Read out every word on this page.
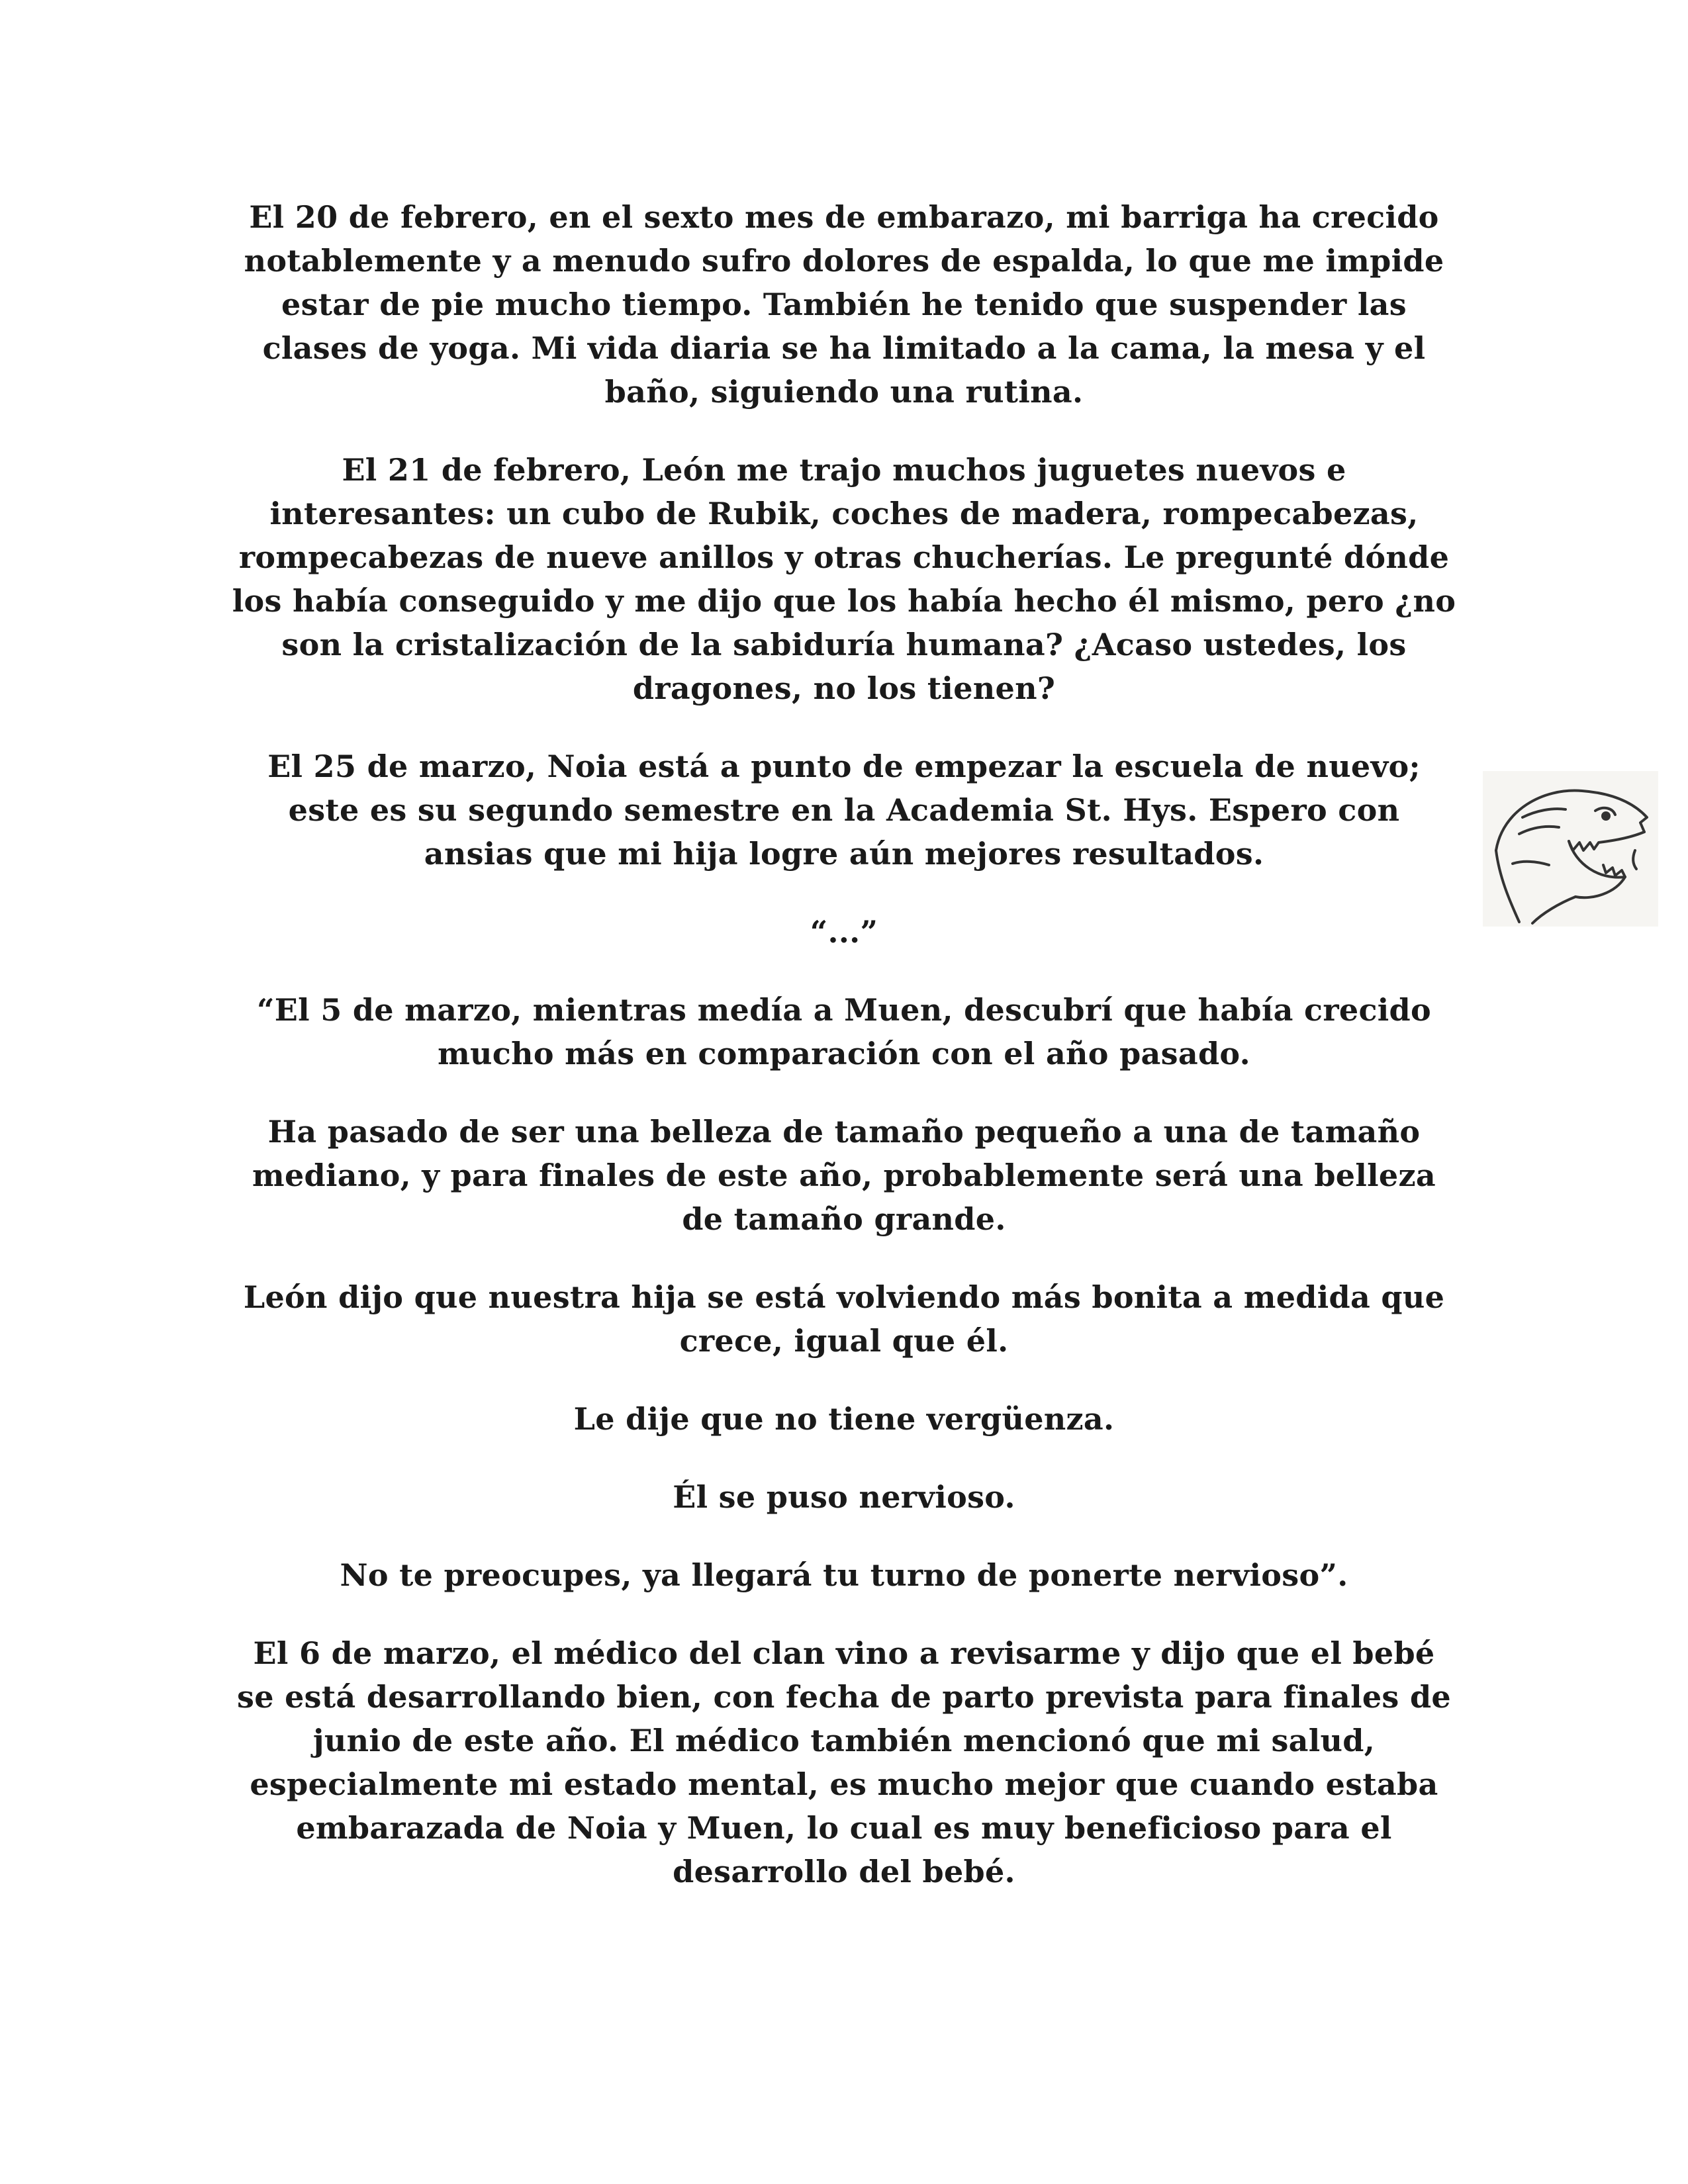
El 20 de febrero, en el sexto mes de embarazo, mi barriga ha crecido notablemente y a menudo sufro dolores de espalda, lo que me impide estar de pie mucho tiempo. También he tenido que suspender las clases de yoga. Mi vida diaria se ha limitado a la cama, la mesa y el baño, siguiendo una rutina.

El 21 de febrero, León me trajo muchos juguetes nuevos e interesantes: un cubo de Rubik, coches de madera, rompecabezas, rompecabezas de nueve anillos y otras chucherías. Le pregunté dónde los había conseguido y me dijo que los había hecho él mismo, pero ¿no son la cristalización de la sabiduría humana? ¿Acaso ustedes, los dragones, no los tienen?

El 25 de marzo, Noia está a punto de empezar la escuela de nuevo; este es su segundo semestre en la Academia St. Hys. Espero con ansias que mi hija logre aún mejores resultados.

“...”

“El 5 de marzo, mientras medía a Muen, descubrí que había crecido mucho más en comparación con el año pasado.

Ha pasado de ser una belleza de tamaño pequeño a una de tamaño mediano, y para finales de este año, probablemente será una belleza de tamaño grande.

León dijo que nuestra hija se está volviendo más bonita a medida que crece, igual que él.

Le dije que no tiene vergüenza.

Él se puso nervioso.

No te preocupes, ya llegará tu turno de ponerte nervioso”.

El 6 de marzo, el médico del clan vino a revisarme y dijo que el bebé se está desarrollando bien, con fecha de parto prevista para finales de junio de este año. El médico también mencionó que mi salud, especialmente mi estado mental, es mucho mejor que cuando estaba embarazada de Noia y Muen, lo cual es muy beneficioso para el desarrollo del bebé.
